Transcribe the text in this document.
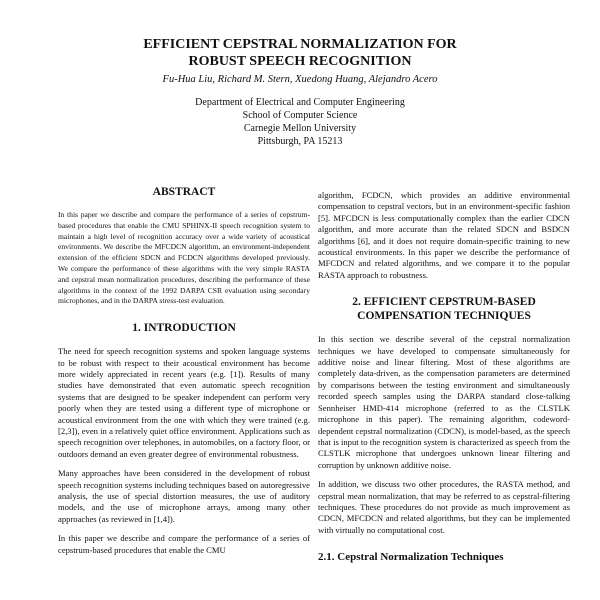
EFFICIENT CEPSTRAL NORMALIZATION FOR
ROBUST SPEECH RECOGNITION

Fu-Hua Liu, Richard M. Stern, Xuedong Huang, Alejandro Acero

Department of Electrical and Computer Engineering
School of Computer Science
Carnegie Mellon University
Pittsburgh, PA 15213
ABSTRACT

In this paper we describe and compare the performance of a series of cepstrum-based procedures that enable the CMU SPHINX-II speech recognition system to maintain a high level of recognition accuracy over a wide variety of acoustical environments. We describe the MFCDCN algorithm, an environment-independent extension of the efficient SDCN and FCDCN algorithms developed previously. We compare the performance of these algorithms with the very simple RASTA and cepstral mean normalization procedures, describing the performance of these algorithms in the context of the 1992 DARPA CSR evaluation using secondary microphones, and in the DARPA stress-test evaluation.

1. INTRODUCTION

The need for speech recognition systems and spoken language systems to be robust with respect to their acoustical environment has become more widely appreciated in recent years (e.g. [1]). Results of many studies have demonstrated that even automatic speech recognition systems that are designed to be speaker independent can perform very poorly when they are tested using a different type of microphone or acoustical environment from the one with which they were trained (e.g. [2,3]), even in a relatively quiet office environment. Applications such as speech recognition over telephones, in automobiles, on a factory floor, or outdoors demand an even greater degree of environmental robustness.

Many approaches have been considered in the development of robust speech recognition systems including techniques based on autoregressive analysis, the use of special distortion measures, the use of auditory models, and the use of microphone arrays, among many other approaches (as reviewed in [1,4]).

In this paper we describe and compare the performance of a series of cepstrum-based procedures that enable the CMU

algorithm, FCDCN, which provides an additive environmental compensation to cepstral vectors, but in an environment-specific fashion [5]. MFCDCN is less computationally complex than the earlier CDCN algorithm, and more accurate than the related SDCN and BSDCN algorithms [6], and it does not require domain-specific training to new acoustical environments. In this paper we describe the performance of MFCDCN and related algorithms, and we compare it to the popular RASTA approach to robustness.

2. EFFICIENT CEPSTRUM-BASED
COMPENSATION TECHNIQUES

In this section we describe several of the cepstral normalization techniques we have developed to compensate simultaneously for additive noise and linear filtering. Most of these algorithms are completely data-driven, as the compensation parameters are determined by comparisons between the testing environment and simultaneously recorded speech samples using the DARPA standard close-talking Sennheiser HMD-414 microphone (referred to as the CLSTLK microphone in this paper). The remaining algorithm, codeword-dependent cepstral normalization (CDCN), is model-based, as the speech that is input to the recognition system is characterized as speech from the CLSTLK microphone that undergoes unknown linear filtering and corruption by unknown additive noise.

In addition, we discuss two other procedures, the RASTA method, and cepstral mean normalization, that may be referred to as cepstral-filtering techniques. These procedures do not provide as much improvement as CDCN, MFCDCN and related algorithms, but they can be implemented with virtually no computational cost.

2.1. Cepstral Normalization Techniques
